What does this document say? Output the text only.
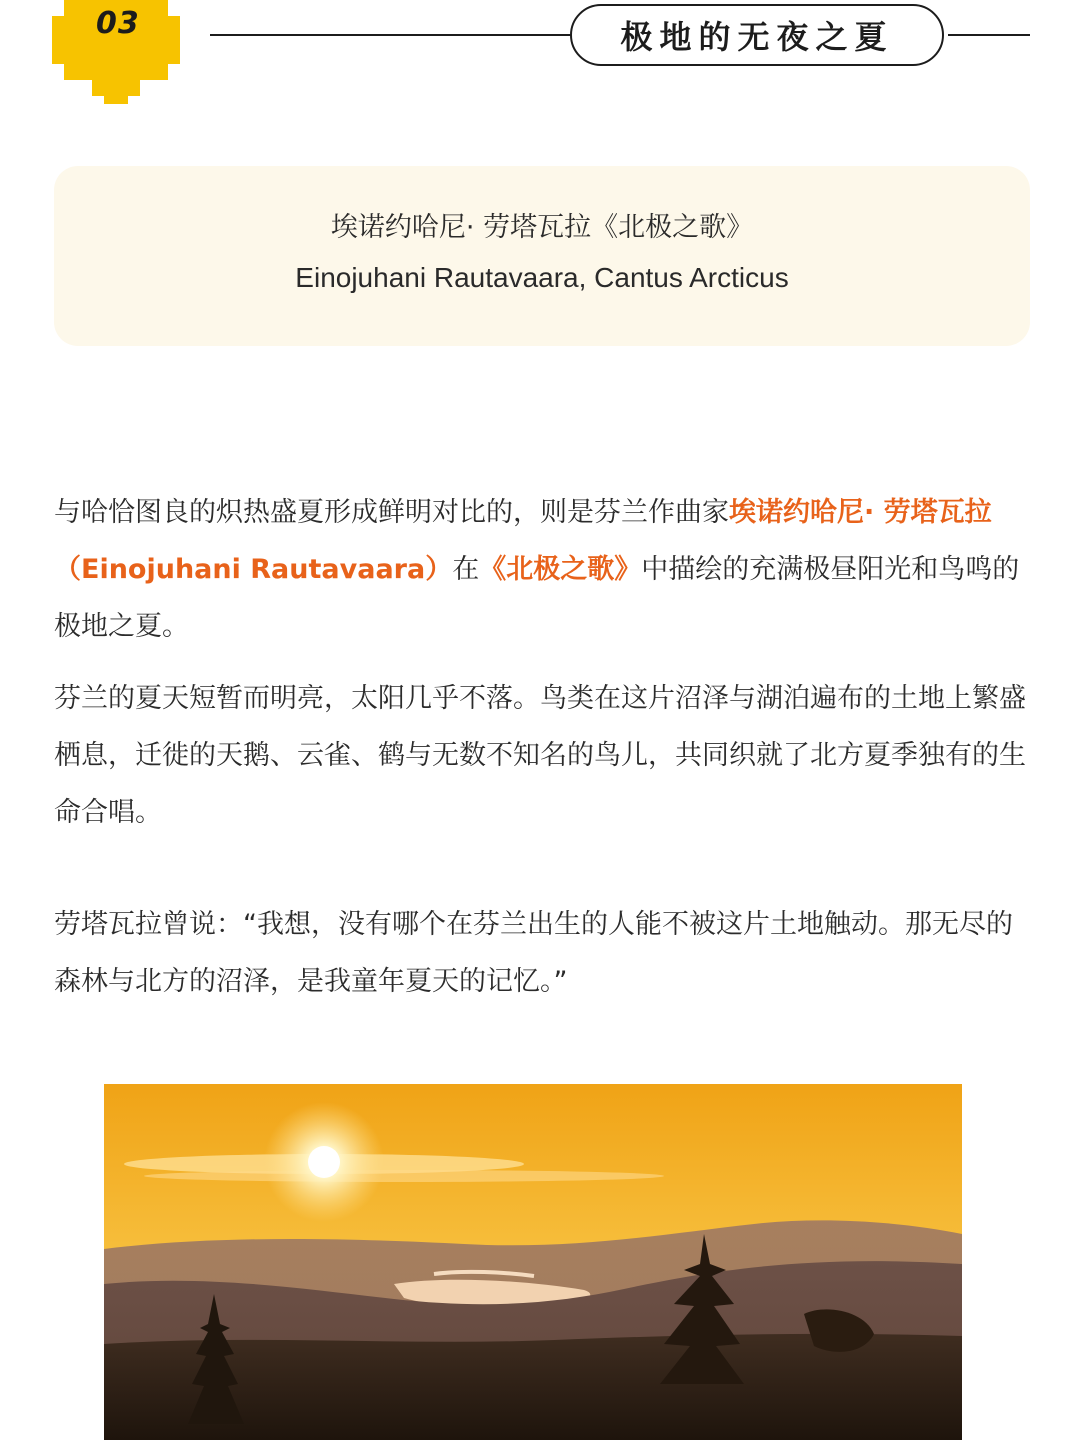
03	极地的无夜之夏
埃诺约哈尼· 劳塔瓦拉《北极之歌》
Einojuhani Rautavaara, Cantus Arcticus

与哈恰图良的炽热盛夏形成鲜明对比的，则是芬兰作曲家埃诺约哈尼· 劳塔瓦拉（Einojuhani Rautavaara）在《北极之歌》中描绘的充满极昼阳光和鸟鸣的极地之夏。

芬兰的夏天短暂而明亮，太阳几乎不落。鸟类在这片沼泽与湖泊遍布的土地上繁盛栖息，迁徙的天鹅、云雀、鹤与无数不知名的鸟儿，共同织就了北方夏季独有的生命合唱。

劳塔瓦拉曾说：“我想，没有哪个在芬兰出生的人能不被这片土地触动。那无尽的森林与北方的沼泽，是我童年夏天的记忆。”
